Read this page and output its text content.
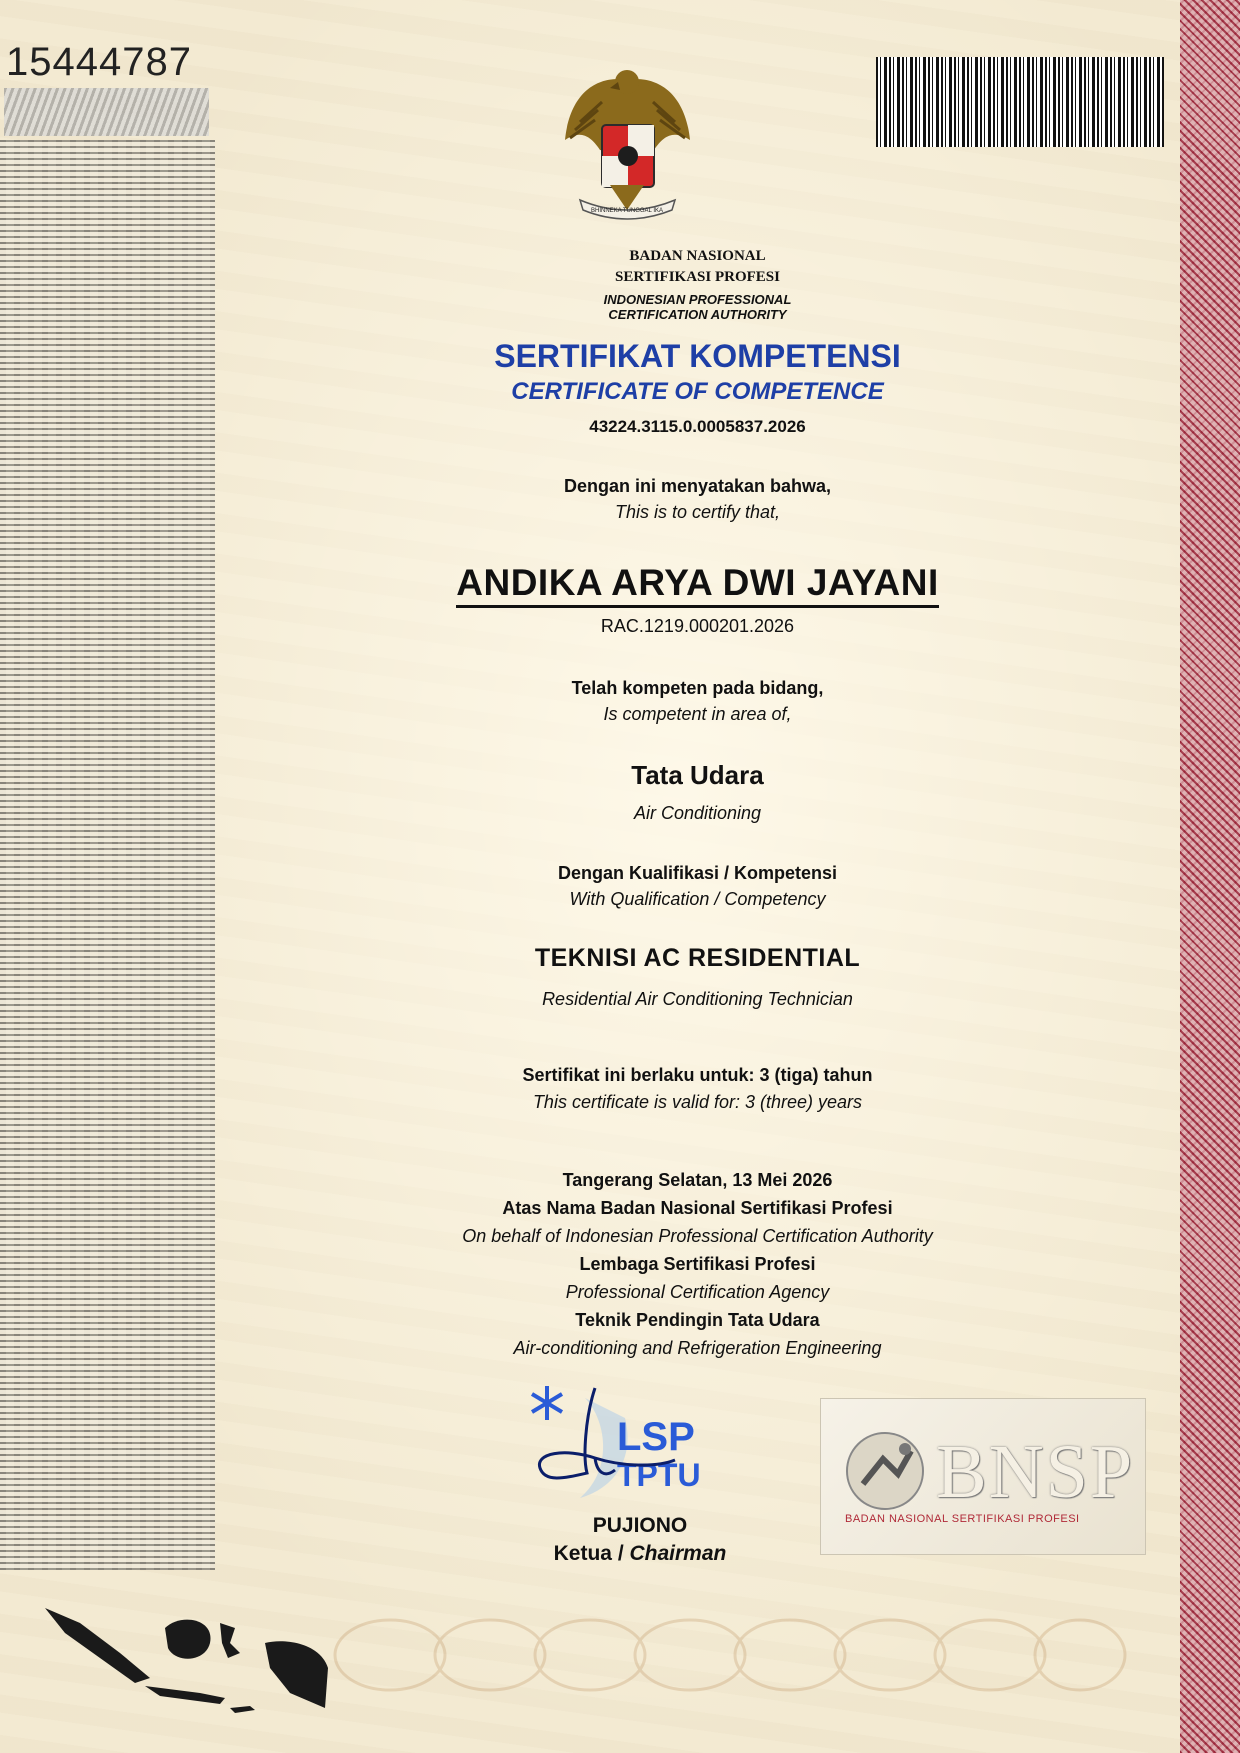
15444787
BHINNEKA TUNGGAL IKA
BADAN NASIONAL
SERTIFIKASI PROFESI
INDONESIAN PROFESSIONAL
CERTIFICATION AUTHORITY
SERTIFIKAT KOMPETENSI
CERTIFICATE OF COMPETENCE
43224.3115.0.0005837.2026
Dengan ini menyatakan bahwa,
This is to certify that,
ANDIKA ARYA DWI JAYANI
RAC.1219.000201.2026
Telah kompeten pada bidang,
Is competent in area of,
Tata Udara
Air Conditioning
Dengan Kualifikasi / Kompetensi
With Qualification / Competency
TEKNISI AC RESIDENTIAL
Residential Air Conditioning Technician
Sertifikat ini berlaku untuk: 3 (tiga) tahun
This certificate is valid for: 3 (three) years
Tangerang Selatan, 13 Mei 2026
Atas Nama Badan Nasional Sertifikasi Profesi
On behalf of Indonesian Professional Certification Authority
Lembaga Sertifikasi Profesi
Professional Certification Agency
Teknik Pendingin Tata Udara
Air-conditioning and Refrigeration Engineering
LSP
TPTU
PUJIONO
Ketua / Chairman
BNSP
BADAN NASIONAL SERTIFIKASI PROFESI
